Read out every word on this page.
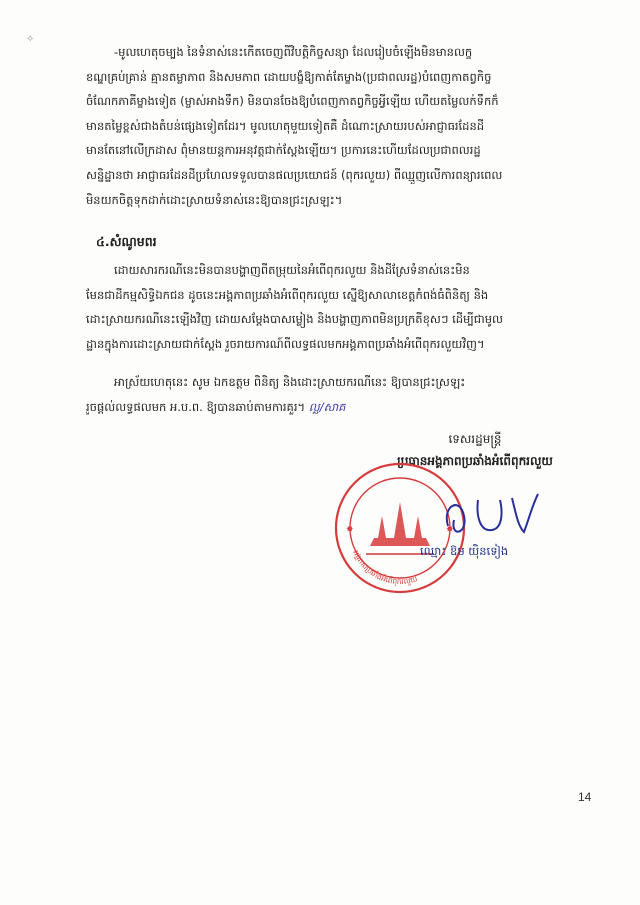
✧
-មូលហេតុចម្បង នៃទំនាស់នេះកើតចេញពីវិបត្តិកិច្ចសន្យា ដែលរៀបចំឡើងមិនមានលក្ខ
ខណ្ឌគ្រប់គ្រាន់ គ្មានតម្លាភាព និងសមភាព ដោយបង្ខំឱ្យកាត់តែម្ខាង(ប្រជាពលរដ្ឋ)បំពេញកាតព្វកិច្ច
ចំណែកភាគីម្ខាងទៀត (ម្ចាស់អាងទឹក) មិនបានចែងឱ្យបំពេញកាតព្វកិច្ចអ្វីឡើយ ហើយតម្លៃលក់ទឹកក៏
មានតម្លៃខ្ពស់ជាងតំបន់ផ្សេងទៀតដែរ។ មូលហេតុមួយទៀតគឺ ដំណោះស្រាយរបស់អាជ្ញាធរដែនដី
មានតែនៅលើក្រដាស ពុំមានយន្តការអនុវត្តជាក់ស្តែងឡើយ។ ប្រការនេះហើយដែលប្រជាពលរដ្ឋ
សន្និដ្ឋានថា អាជ្ញាធរដែនដីប្រហែលទទួលបានផលប្រយោជន៍ (ពុករលួយ) ពីឈ្មួញលើការពន្យារពេល
មិនយកចិត្តទុកដាក់ដោះស្រាយទំនាស់នេះឱ្យបានជ្រះស្រឡះ។
៤.សំណូមពរ
ដោយសារករណីនេះមិនបានបង្ហាញពីតម្រុយនៃអំពើពុករលួយ និងដីស្រែទំនាស់នេះមិន
មែនជាដីកម្មសិទ្ធិឯកជន ដូចនេះអង្គភាពប្រឆាំងអំពើពុករលួយ ស្នើឱ្យសាលាខេត្តកំពង់ធំពិនិត្យ និង
ដោះស្រាយករណីនេះឡើងវិញ ដោយសម្ដែងបាសម្លៀង និងបង្ហាញភាពមិនប្រក្រតីខុសៗ ដើម្បីជាមូល
ដ្ឋានក្នុងការដោះស្រាយជាក់ស្តែង រួចរាយការណ៍ពីលទ្ធផលមកអង្គភាពប្រឆាំងអំពើពុករលួយវិញ។
អាស្រ័យហេតុនេះ សូម ឯកឧត្តម ពិនិត្យ និងដោះស្រាយករណីនេះ ឱ្យបានជ្រះស្រឡះ
រួចផ្តល់លទ្ធផលមក អ.ប.ព. ឱ្យបានឆាប់តាមការគួរ។ ល្ឆ/សាគ
ទេសរដ្ឋមន្ត្រី
ប្រធានអង្គភាពប្រឆាំងអំពើពុករលួយ
✸	✸
អង្គភាពប្រឆាំងអំពើពុករលួយ
ឈ្មោះ ឱម យ៉ិនទៀង
14
